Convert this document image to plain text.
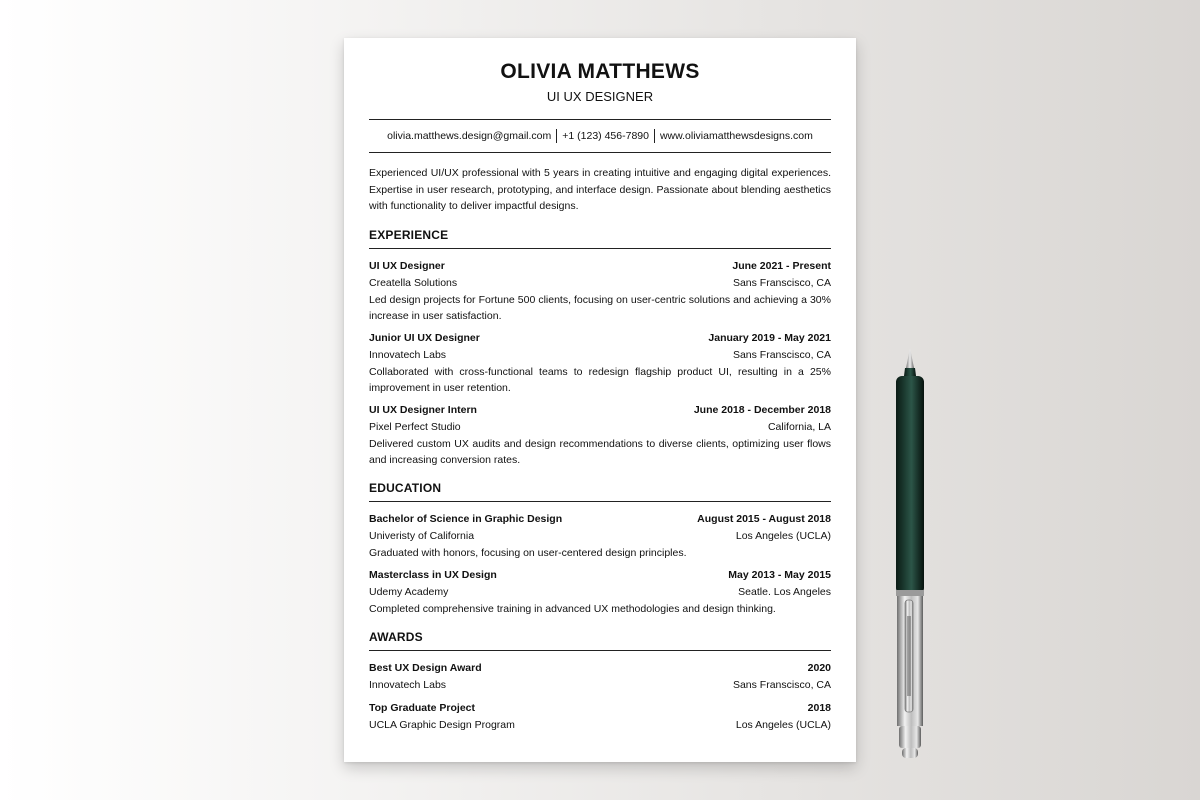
OLIVIA MATTHEWS
UI UX DESIGNER
olivia.matthews.design@gmail.com +1 (123) 456-7890 www.oliviamatthewsdesigns.com
Experienced UI/UX professional with 5 years in creating intuitive and engaging digital experiences. Expertise in user research, prototyping, and interface design. Passionate about blending aesthetics with functionality to deliver impactful designs.
EXPERIENCE
UI UX Designer	June 2021 - Present
Creatella Solutions	Sans Franscisco, CA
Led design projects for Fortune 500 clients, focusing on user-centric solutions and achieving a 30% increase in user satisfaction.
Junior UI UX Designer	January 2019 - May 2021
Innovatech Labs	Sans Franscisco, CA
Collaborated with cross-functional teams to redesign flagship product UI, resulting in a 25% improvement in user retention.
UI UX Designer Intern	June 2018 - December 2018
Pixel Perfect Studio	California, LA
Delivered custom UX audits and design recommendations to diverse clients, optimizing user flows and increasing conversion rates.
EDUCATION
Bachelor of Science in Graphic Design	August 2015 - August 2018
Univeristy of California	Los Angeles (UCLA)
Graduated with honors, focusing on user-centered design principles.
Masterclass in UX Design	May 2013 - May 2015
Udemy Academy	Seatle. Los Angeles
Completed comprehensive training in advanced UX methodologies and design thinking.
AWARDS
Best UX Design Award	2020
Innovatech Labs	Sans Franscisco, CA
Top Graduate Project	2018
UCLA Graphic Design Program	Los Angeles (UCLA)
